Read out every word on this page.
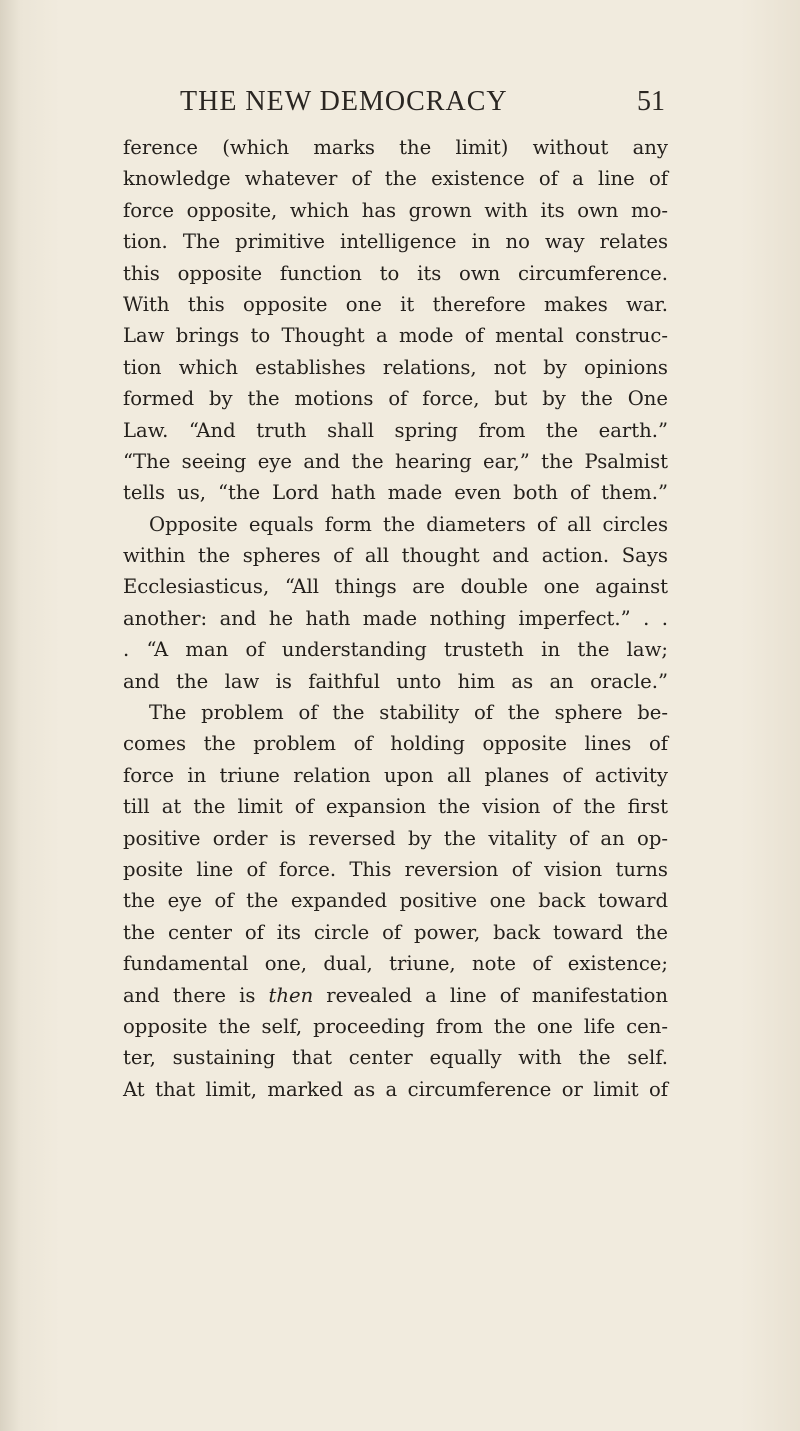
THE NEW DEMOCRACY	51
ference (which marks the limit) without any
knowledge whatever of the existence of a line of
force opposite, which has grown with its own mo-
tion. The primitive intelligence in no way relates
this opposite function to its own circumference.
With this opposite one it therefore makes war.
Law brings to Thought a mode of mental construc-
tion which establishes relations, not by opinions
formed by the motions of force, but by the One
Law. “And truth shall spring from the earth.”
“The seeing eye and the hearing ear,” the Psalmist
tells us, “the Lord hath made even both of them.”
Opposite equals form the diameters of all circles
within the spheres of all thought and action. Says
Ecclesiasticus, “All things are double one against
another: and he hath made nothing imperfect.” . .
. “A man of understanding trusteth in the law;
and the law is faithful unto him as an oracle.”
The problem of the stability of the sphere be-
comes the problem of holding opposite lines of
force in triune relation upon all planes of activity
till at the limit of expansion the vision of the first
positive order is reversed by the vitality of an op-
posite line of force. This reversion of vision turns
the eye of the expanded positive one back toward
the center of its circle of power, back toward the
fundamental one, dual, triune, note of existence;
and there is then revealed a line of manifestation
opposite the self, proceeding from the one life cen-
ter, sustaining that center equally with the self.
At that limit, marked as a circumference or limit of
